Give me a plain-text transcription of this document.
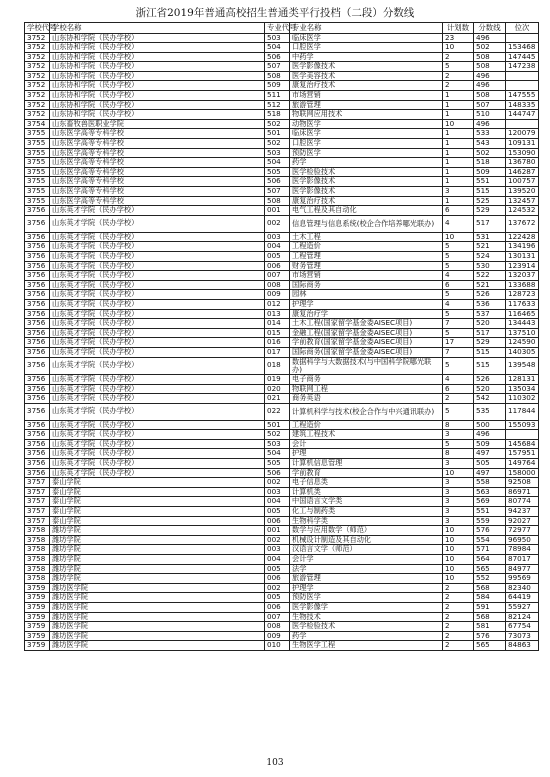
浙江省2019年普通高校招生普通类平行投档（二段）分数线
学校代号	学校名称	专业代号	专业名称	计划数	分数线	位次
3752	山东协和学院（民办学校）	503	临床医学	23	496	
3752	山东协和学院（民办学校）	504	口腔医学	10	502	153468
3752	山东协和学院（民办学校）	506	中药学	2	508	147445
3752	山东协和学院（民办学校）	507	医学影像技术	5	508	147238
3752	山东协和学院（民办学校）	508	医学美容技术	2	496	
3752	山东协和学院（民办学校）	509	康复治疗技术	2	496	
3752	山东协和学院（民办学校）	511	市场营销	1	508	147555
3752	山东协和学院（民办学校）	512	旅游管理	1	507	148335
3752	山东协和学院（民办学校）	518	物联网应用技术	1	510	144747
3754	山东畜牧兽医职业学院	502	动物医学	10	496	
3755	山东医学高等专科学校	501	临床医学	1	533	120079
3755	山东医学高等专科学校	502	口腔医学	1	543	109131
3755	山东医学高等专科学校	503	预防医学	1	502	153090
3755	山东医学高等专科学校	504	药学	1	518	136780
3755	山东医学高等专科学校	505	医学检验技术	1	509	146287
3755	山东医学高等专科学校	506	医学影像技术	1	551	100757
3755	山东医学高等专科学校	507	医学影像技术	3	515	139520
3755	山东医学高等专科学校	508	康复治疗技术	1	525	132457
3756	山东英才学院（民办学校）	001	电气工程及其自动化	6	529	124532
3756	山东英才学院（民办学校）	002	信息管理与信息系统(校企合作培养哪光联办)	4	517	137672
3756	山东英才学院（民办学校）	003	土木工程	10	531	122428
3756	山东英才学院（民办学校）	004	工程造价	5	521	134196
3756	山东英才学院（民办学校）	005	工程管理	5	524	130131
3756	山东英才学院（民办学校）	006	财务管理	5	530	123914
3756	山东英才学院（民办学校）	007	市场营销	4	522	132037
3756	山东英才学院（民办学校）	008	国际商务	6	521	133688
3756	山东英才学院（民办学校）	009	园林	5	526	128723
3756	山东英才学院（民办学校）	012	护理学	4	536	117633
3756	山东英才学院（民办学校）	013	康复治疗学	5	537	116465
3756	山东英才学院（民办学校）	014	土木工程(国家留学基金委AISEC项目)	7	520	134443
3756	山东英才学院（民办学校）	015	金融工程(国家留学基金委AISEC项目)	5	517	137510
3756	山东英才学院（民办学校）	016	学前教育(国家留学基金委AISEC项目)	17	529	124590
3756	山东英才学院（民办学校）	017	国际商务(国家留学基金委AISEC项目)	7	515	140305
3756	山东英才学院（民办学校）	018	数据科学与大数据技术(与中国科学院哪光联办)	5	515	139548
3756	山东英才学院（民办学校）	019	电子商务	4	526	128131
3756	山东英才学院（民办学校）	020	物联网工程	6	520	135034
3756	山东英才学院（民办学校）	021	商务英语	2	542	110302
3756	山东英才学院（民办学校）	022	计算机科学与技术(校企合作与中兴通讯联办)	5	535	117844
3756	山东英才学院（民办学校）	501	工程造价	8	500	155093
3756	山东英才学院（民办学校）	502	建筑工程技术	3	496	
3756	山东英才学院（民办学校）	503	会计	5	509	145684
3756	山东英才学院（民办学校）	504	护理	8	497	157951
3756	山东英才学院（民办学校）	505	计算机信息管理	3	505	149764
3756	山东英才学院（民办学校）	506	学前教育	10	497	158000
3757	泰山学院	002	电子信息类	3	558	92508
3757	泰山学院	003	计算机类	3	563	86971
3757	泰山学院	004	中国语言文学类	3	569	80774
3757	泰山学院	005	化工与制药类	3	551	94237
3757	泰山学院	006	生物科学类	3	559	92027
3758	潍坊学院	001	数学与应用数学（师范）	10	576	72977
3758	潍坊学院	002	机械设计制造及其自动化	10	554	96950
3758	潍坊学院	003	汉语言文学（师范）	10	571	78984
3758	潍坊学院	004	会计学	10	564	87017
3758	潍坊学院	005	法学	10	565	84977
3758	潍坊学院	006	旅游管理	10	552	99569
3759	潍坊医学院	002	护理学	2	568	82340
3759	潍坊医学院	005	预防医学	2	584	64419
3759	潍坊医学院	006	医学影像学	2	591	55927
3759	潍坊医学院	007	生物技术	2	568	82124
3759	潍坊医学院	008	医学检验技术	2	581	67754
3759	潍坊医学院	009	药学	2	576	73073
3759	潍坊医学院	010	生物医学工程	2	565	84863
103
